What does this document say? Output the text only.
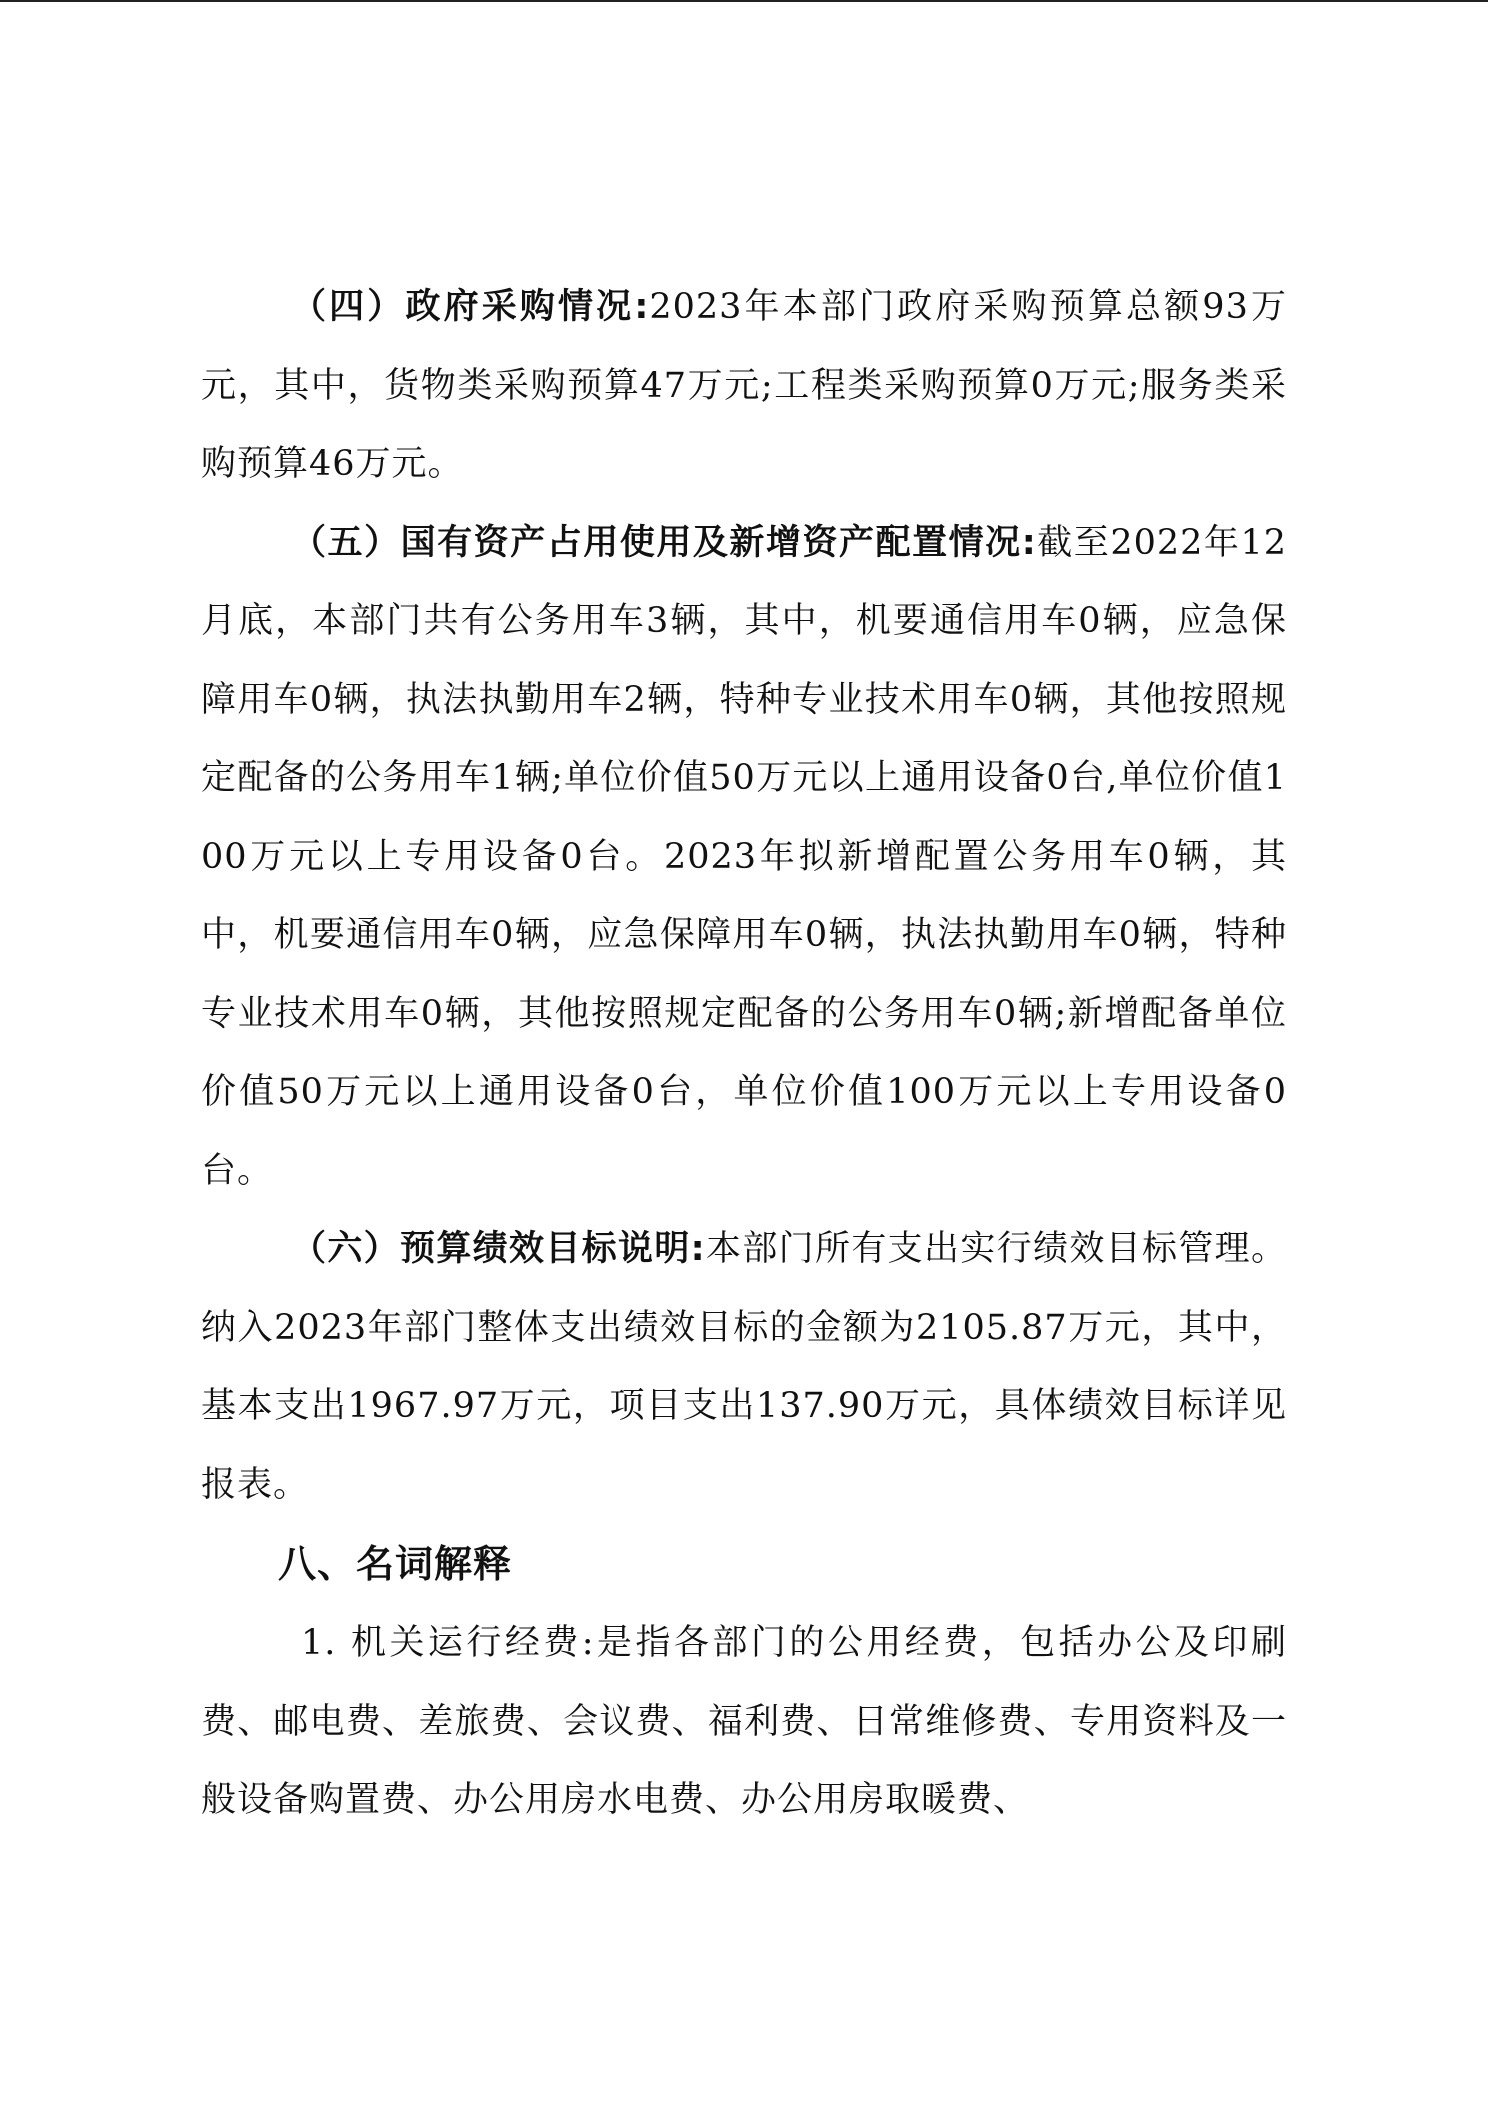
（四）政府采购情况:2023年本部门政府采购预算总额93万元，其中，货物类采购预算47万元;工程类采购预算0万元;服务类采购预算46万元。

（五）国有资产占用使用及新增资产配置情况:截至2022年12月底，本部门共有公务用车3辆，其中，机要通信用车0辆，应急保障用车0辆，执法执勤用车2辆，特种专业技术用车0辆，其他按照规定配备的公务用车1辆;单位价值50万元以上通用设备0台,单位价值100万元以上专用设备0台。2023年拟新增配置公务用车0辆，其中，机要通信用车0辆，应急保障用车0辆，执法执勤用车0辆，特种专业技术用车0辆，其他按照规定配备的公务用车0辆;新增配备单位价值50万元以上通用设备0台，单位价值100万元以上专用设备0台。

（六）预算绩效目标说明:本部门所有支出实行绩效目标管理。纳入2023年部门整体支出绩效目标的金额为2105.87万元，其中，基本支出1967.97万元，项目支出137.90万元，具体绩效目标详见报表。

八、名词解释

1. 机关运行经费:是指各部门的公用经费，包括办公及印刷费、邮电费、差旅费、会议费、福利费、日常维修费、专用资料及一般设备购置费、办公用房水电费、办公用房取暖费、
